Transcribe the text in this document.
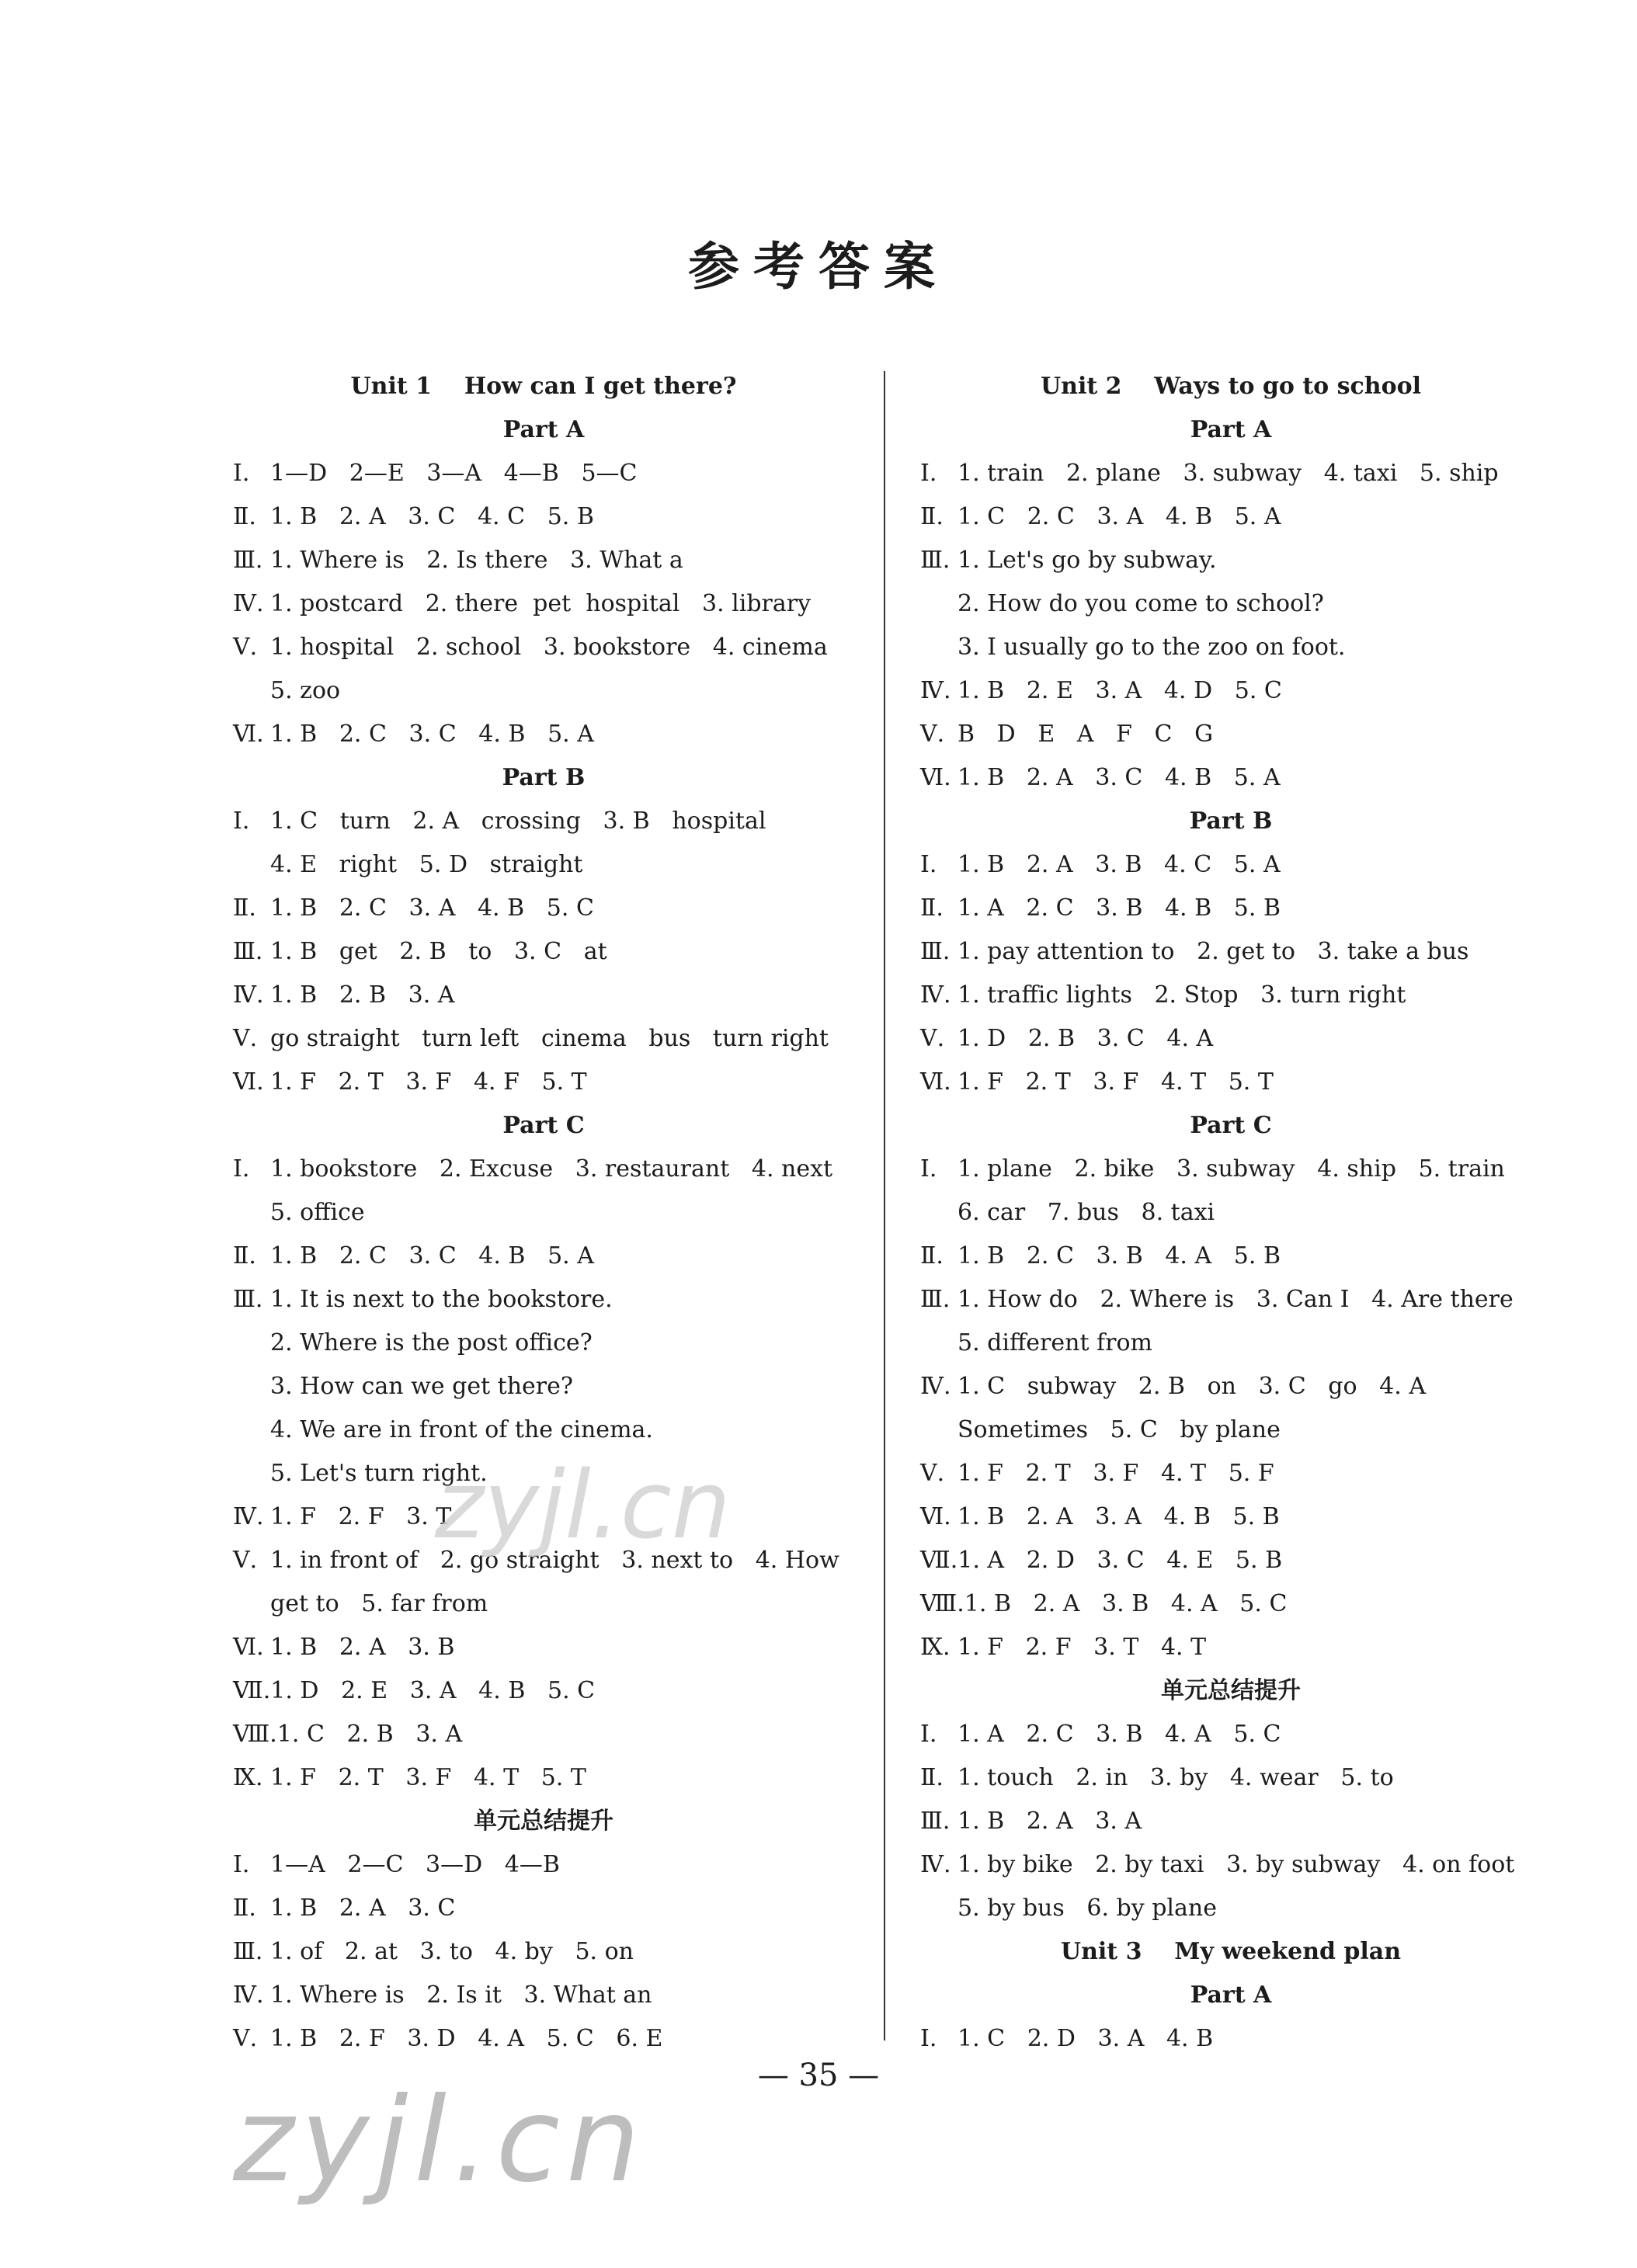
参考答案
Unit 1    How can I get there?
Part A
Ⅰ. 1—D   2—E   3—A   4—B   5—C
Ⅱ. 1. B   2. A   3. C   4. C   5. B
Ⅲ. 1. Where is   2. Is there   3. What a
Ⅳ. 1. postcard   2. there  pet  hospital   3. library
Ⅴ. 1. hospital   2. school   3. bookstore   4. cinema
5. zoo
Ⅵ. 1. B   2. C   3. C   4. B   5. A
Part B
Ⅰ. 1. C   turn   2. A   crossing   3. B   hospital
4. E   right   5. D   straight
Ⅱ. 1. B   2. C   3. A   4. B   5. C
Ⅲ. 1. B   get   2. B   to   3. C   at
Ⅳ. 1. B   2. B   3. A
Ⅴ. go straight   turn left   cinema   bus   turn right
Ⅵ. 1. F   2. T   3. F   4. F   5. T
Part C
Ⅰ. 1. bookstore   2. Excuse   3. restaurant   4. next
5. office
Ⅱ. 1. B   2. C   3. C   4. B   5. A
Ⅲ. 1. It is next to the bookstore.
2. Where is the post office?
3. How can we get there?
4. We are in front of the cinema.
5. Let's turn right.
Ⅳ. 1. F   2. F   3. T
Ⅴ. 1. in front of   2. go straight   3. next to   4. How
get to   5. far from
Ⅵ. 1. B   2. A   3. B
Ⅶ.1. D   2. E   3. A   4. B   5. C
Ⅷ.1. C   2. B   3. A
Ⅸ. 1. F   2. T   3. F   4. T   5. T
单元总结提升
Ⅰ. 1—A   2—C   3—D   4—B
Ⅱ. 1. B   2. A   3. C
Ⅲ. 1. of   2. at   3. to   4. by   5. on
Ⅳ. 1. Where is   2. Is it   3. What an
Ⅴ. 1. B   2. F   3. D   4. A   5. C   6. E
Unit 2    Ways to go to school
Part A
Ⅰ. 1. train   2. plane   3. subway   4. taxi   5. ship
Ⅱ. 1. C   2. C   3. A   4. B   5. A
Ⅲ. 1. Let's go by subway.
2. How do you come to school?
3. I usually go to the zoo on foot.
Ⅳ. 1. B   2. E   3. A   4. D   5. C
Ⅴ. B   D   E   A   F   C   G
Ⅵ. 1. B   2. A   3. C   4. B   5. A
Part B
Ⅰ. 1. B   2. A   3. B   4. C   5. A
Ⅱ. 1. A   2. C   3. B   4. B   5. B
Ⅲ. 1. pay attention to   2. get to   3. take a bus
Ⅳ. 1. traffic lights   2. Stop   3. turn right
Ⅴ. 1. D   2. B   3. C   4. A
Ⅵ. 1. F   2. T   3. F   4. T   5. T
Part C
Ⅰ. 1. plane   2. bike   3. subway   4. ship   5. train
6. car   7. bus   8. taxi
Ⅱ. 1. B   2. C   3. B   4. A   5. B
Ⅲ. 1. How do   2. Where is   3. Can I   4. Are there
5. different from
Ⅳ. 1. C   subway   2. B   on   3. C   go   4. A
Sometimes   5. C   by plane
Ⅴ. 1. F   2. T   3. F   4. T   5. F
Ⅵ. 1. B   2. A   3. A   4. B   5. B
Ⅶ.1. A   2. D   3. C   4. E   5. B
Ⅷ.1. B   2. A   3. B   4. A   5. C
Ⅸ. 1. F   2. F   3. T   4. T
单元总结提升
Ⅰ. 1. A   2. C   3. B   4. A   5. C
Ⅱ. 1. touch   2. in   3. by   4. wear   5. to
Ⅲ. 1. B   2. A   3. A
Ⅳ. 1. by bike   2. by taxi   3. by subway   4. on foot
5. by bus   6. by plane
Unit 3    My weekend plan
Part A
Ⅰ. 1. C   2. D   3. A   4. B
zyjl.cn
— 35 —
zyjl.cn
